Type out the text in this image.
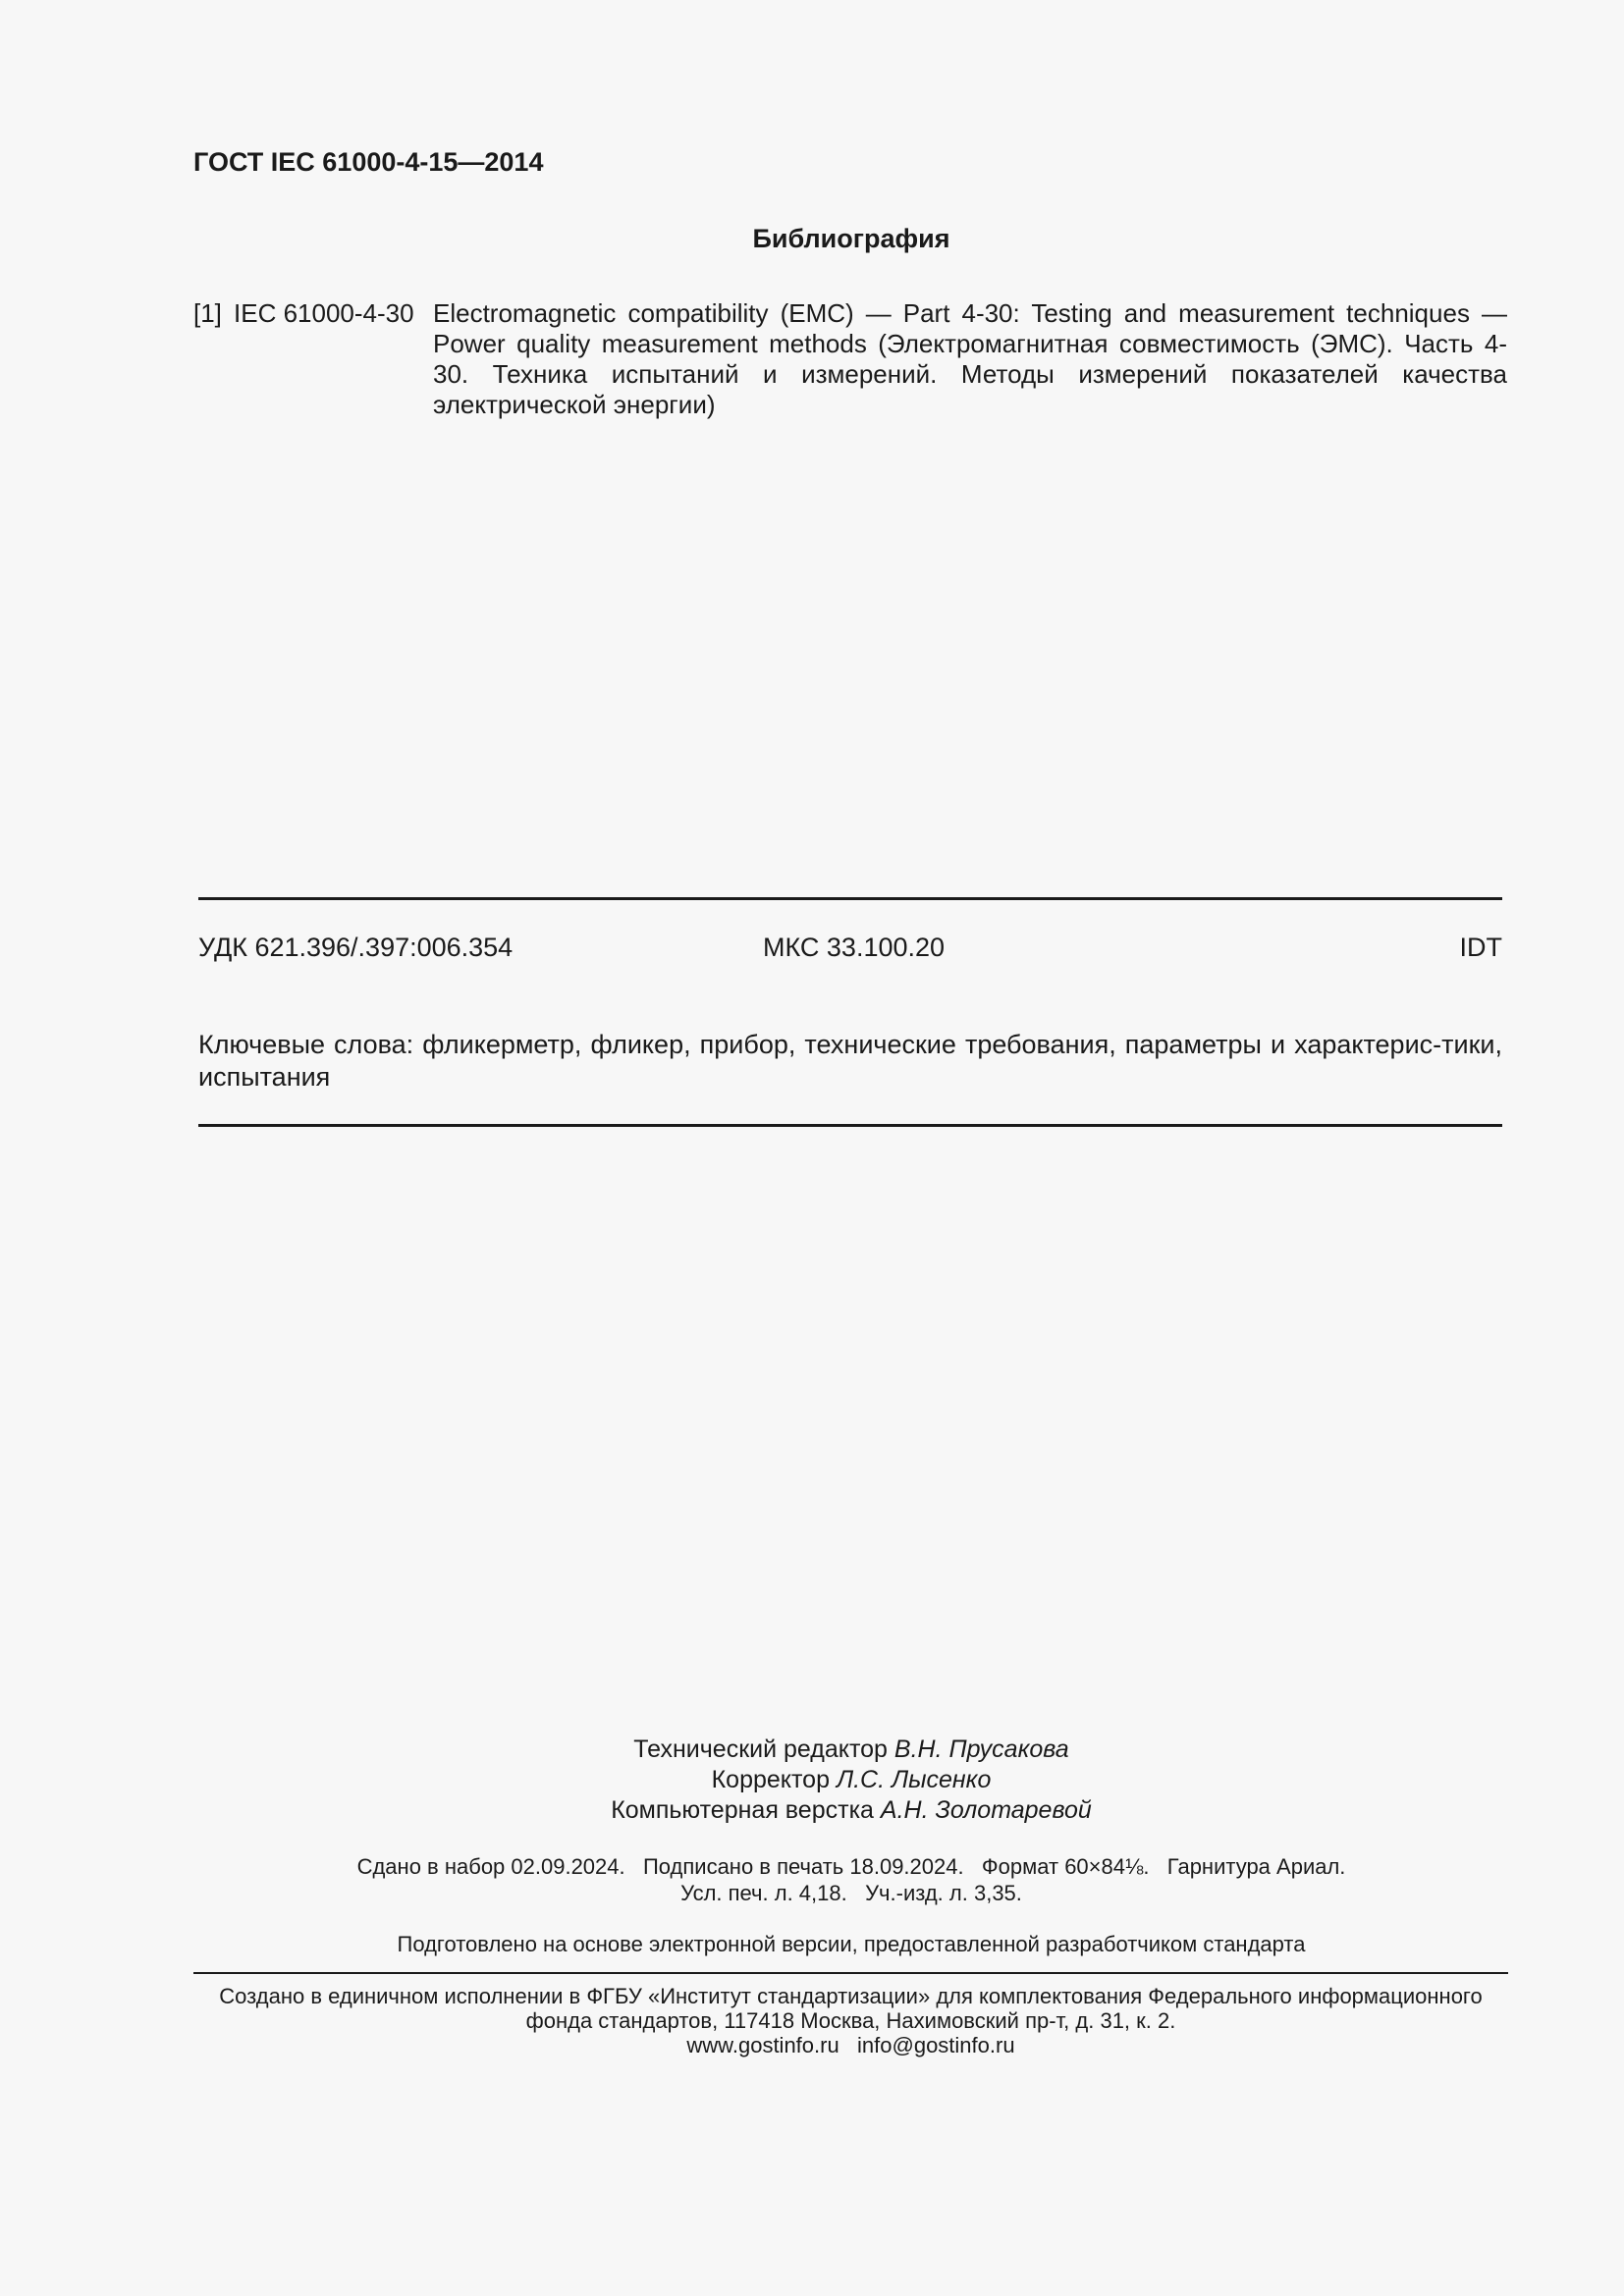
ГОСТ IEC 61000-4-15—2014
Библиография
[1] IEC 61000-4-30 Electromagnetic compatibility (EMC) — Part 4-30: Testing and measurement techniques — Power quality measurement methods (Электромагнитная совместимость (ЭМС). Часть 4-30. Техника испытаний и измерений. Методы измерений показателей качества электрической энергии)
УДК 621.396/.397:006.354	МКС 33.100.20	IDT
Ключевые слова: фликерметр, фликер, прибор, технические требования, параметры и характерис-тики, испытания
Технический редактор В.Н. Прусакова
Корректор Л.С. Лысенко
Компьютерная верстка А.Н. Золотаревой
Сдано в набор 02.09.2024.   Подписано в печать 18.09.2024.   Формат 60×84⅛.   Гарнитура Ариал.
Усл. печ. л. 4,18.   Уч.-изд. л. 3,35.
Подготовлено на основе электронной версии, предоставленной разработчиком стандарта
Создано в единичном исполнении в ФГБУ «Институт стандартизации» для комплектования Федерального информационного
фонда стандартов, 117418 Москва, Нахимовский пр-т, д. 31, к. 2.
www.gostinfo.ru   info@gostinfo.ru
